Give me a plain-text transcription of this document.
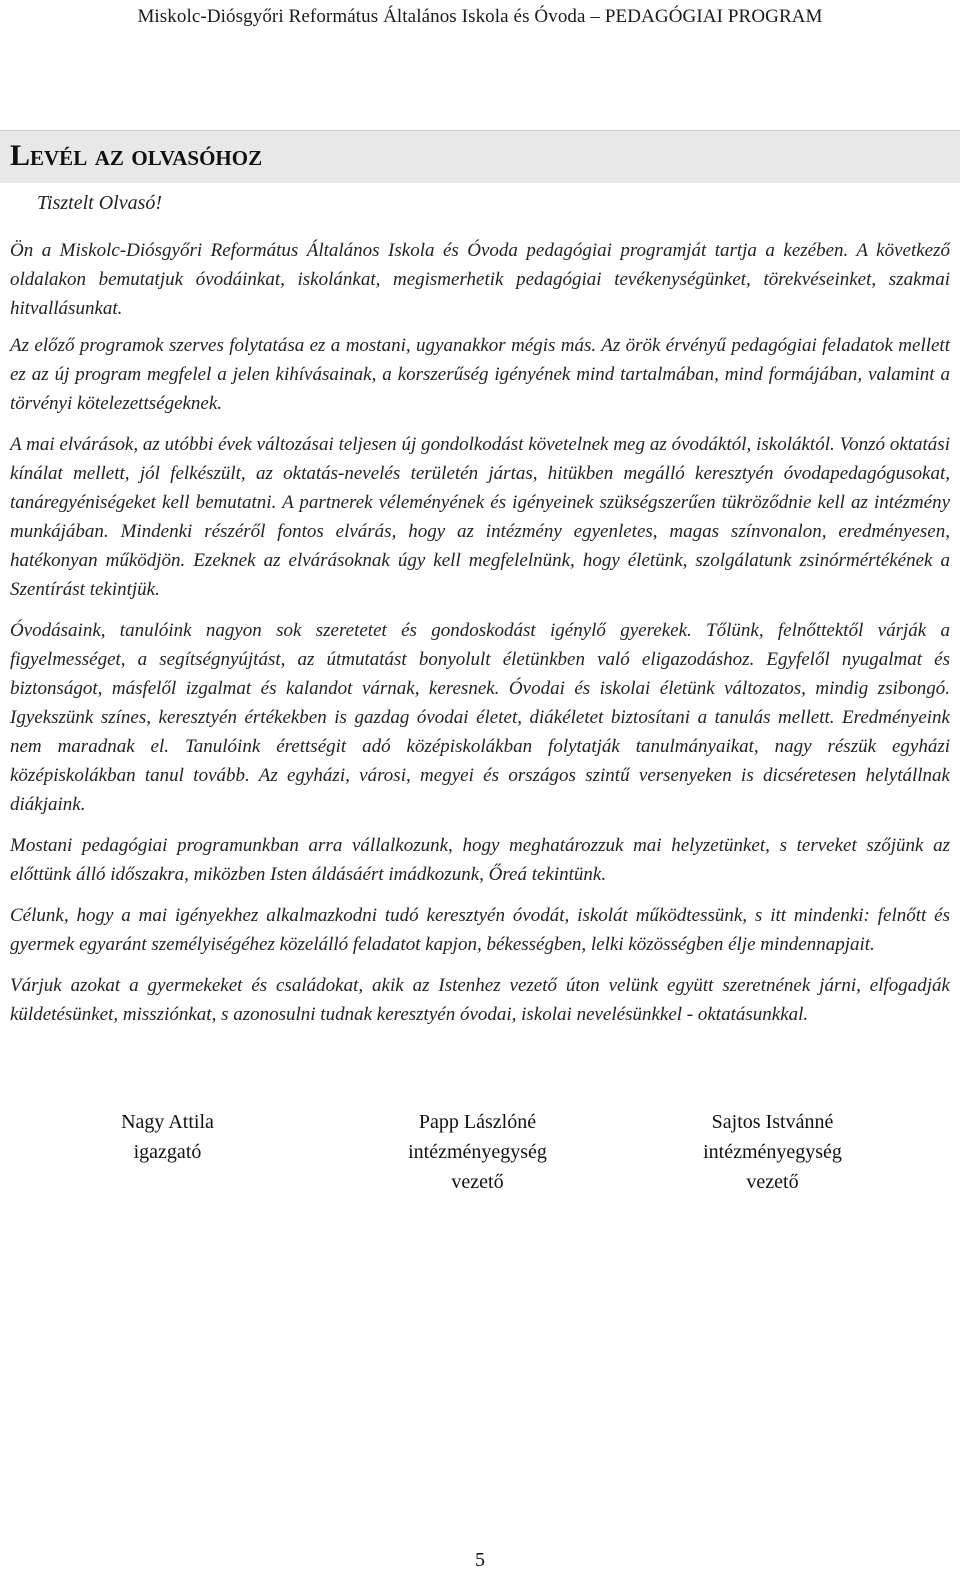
Miskolc-Diósgyőri Református Általános Iskola és Óvoda – PEDAGÓGIAI PROGRAM
Levél az olvasóhoz
Tisztelt Olvasó!

Ön a Miskolc-Diósgyőri Református Általános Iskola és Óvoda pedagógiai programját tartja a kezében. A következő oldalakon bemutatjuk óvodáinkat, iskolánkat, megismerhetik pedagógiai tevékenységünket, törekvéseinket, szakmai hitvallásunkat.

Az előző programok szerves folytatása ez a mostani, ugyanakkor mégis más. Az örök érvényű pedagógiai feladatok mellett ez az új program megfelel a jelen kihívásainak, a korszerűség igényének mind tartalmában, mind formájában, valamint a törvényi kötelezettségeknek.

A mai elvárások, az utóbbi évek változásai teljesen új gondolkodást követelnek meg az óvodáktól, iskoláktól. Vonzó oktatási kínálat mellett, jól felkészült, az oktatás-nevelés területén jártas, hitükben megálló keresztyén óvodapedagógusokat, tanáregyéniségeket kell bemutatni. A partnerek véleményének és igényeinek szükségszerűen tükröződnie kell az intézmény munkájában. Mindenki részéről fontos elvárás, hogy az intézmény egyenletes, magas színvonalon, eredményesen, hatékonyan működjön. Ezeknek az elvárásoknak úgy kell megfelelnünk, hogy életünk, szolgálatunk zsinórmértékének a Szentírást tekintjük.

Óvodásaink, tanulóink nagyon sok szeretetet és gondoskodást igénylő gyerekek. Tőlünk, felnőttektől várják a figyelmességet, a segítségnyújtást, az útmutatást bonyolult életünkben való eligazodáshoz. Egyfelől nyugalmat és biztonságot, másfelől izgalmat és kalandot várnak, keresnek. Óvodai és iskolai életünk változatos, mindig zsibongó. Igyekszünk színes, keresztyén értékekben is gazdag óvodai életet, diákéletet biztosítani a tanulás mellett. Eredményeink nem maradnak el. Tanulóink érettségit adó középiskolákban folytatják tanulmányaikat, nagy részük egyházi középiskolákban tanul tovább. Az egyházi, városi, megyei és országos szintű versenyeken is dicséretesen helytállnak diákjaink.

Mostani pedagógiai programunkban arra vállalkozunk, hogy meghatározzuk mai helyzetünket, s terveket szőjünk az előttünk álló időszakra, miközben Isten áldásáért imádkozunk, Őreá tekintünk.

Célunk, hogy a mai igényekhez alkalmazkodni tudó keresztyén óvodát, iskolát működtessünk, s itt mindenki: felnőtt és gyermek egyaránt személyiségéhez közelálló feladatot kapjon, békességben, lelki közösségben élje mindennapjait.

Várjuk azokat a gyermekeket és családokat, akik az Istenhez vezető úton velünk együtt szeretnének járni, elfogadják küldetésünket, missziónkat, s azonosulni tudnak keresztyén óvodai, iskolai nevelésünkkel - oktatásunkkal.

Nagy Attila
igazgató
Papp Lászlóné
intézményegység
vezető
Sajtos Istvánné
intézményegység
vezető
5
